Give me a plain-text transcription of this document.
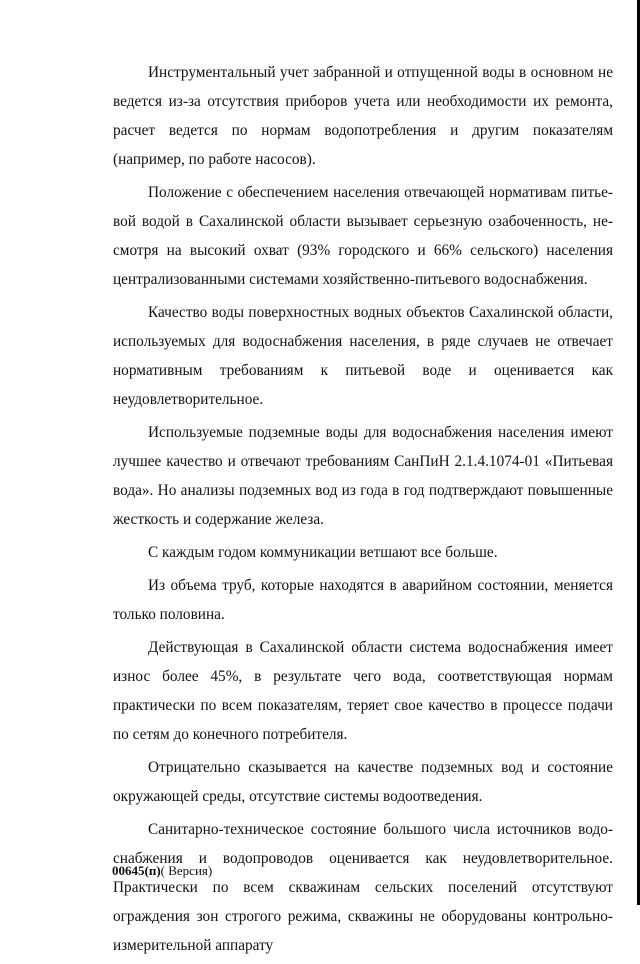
Инструментальный учет забранной и отпущенной воды в основном не ведется из-за отсутствия приборов учета или необходимости их ремонта, расчет ведется по нормам водопотребления и другим показателям (например, по работе насосов).

Положение с обеспечением населения отвечающей нормативам питьевой водой в Сахалинской области вызывает серьезную озабоченность, несмотря на высокий охват (93% городского и 66% сельского) населения централизованными системами хозяйственно-питьевого водоснабжения.

Качество воды поверхностных водных объектов Сахалинской области, используемых для водоснабжения населения, в ряде случаев не отвечает нормативным требованиям к питьевой воде и оценивается как неудовлетворительное.

Используемые подземные воды для водоснабжения населения имеют лучшее качество и отвечают требованиям СанПиН 2.1.4.1074-01 «Питьевая вода». Но анализы подземных вод из года в год подтверждают повышенные жесткость и содержание железа.

С каждым годом коммуникации ветшают все больше.

Из объема труб, которые находятся в аварийном состоянии, меняется только половина.

Действующая в Сахалинской области система водоснабжения имеет износ более 45%, в результате чего вода, соответствующая нормам практически по всем показателям, теряет свое качество в процессе подачи по сетям до конечного потребителя.

Отрицательно сказывается на качестве подземных вод и состояние окружающей среды, отсутствие системы водоотведения.

Санитарно-техническое состояние большого числа источников водоснабжения и водопроводов оценивается как неудовлетворительное. Практически по всем скважинам сельских поселений отсутствуют ограждения зон строгого режима, скважины не оборудованы контрольно-измерительной аппарату

00645(п)( Версия)
